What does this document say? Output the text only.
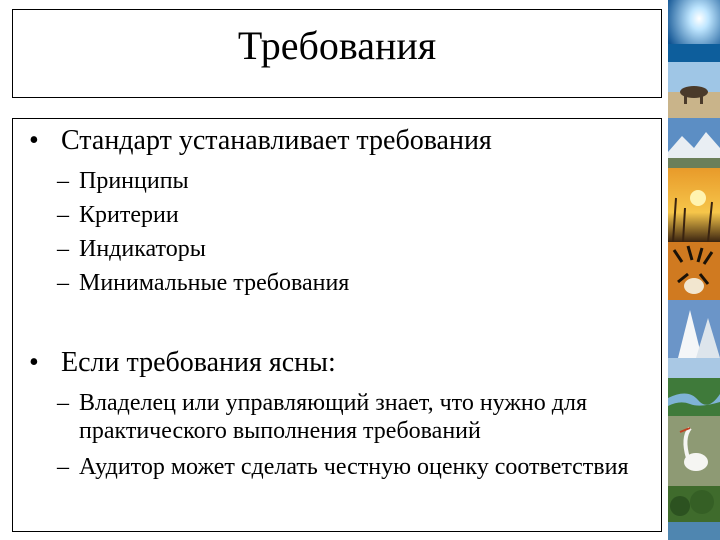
Требования
• Стандарт устанавливает требования
– Принципы
– Критерии
– Индикаторы
– Минимальные требования
• Если требования ясны:
– Владелец или управляющий знает, что нужно для практического выполнения требований
– Аудитор может сделать честную оценку соответствия
